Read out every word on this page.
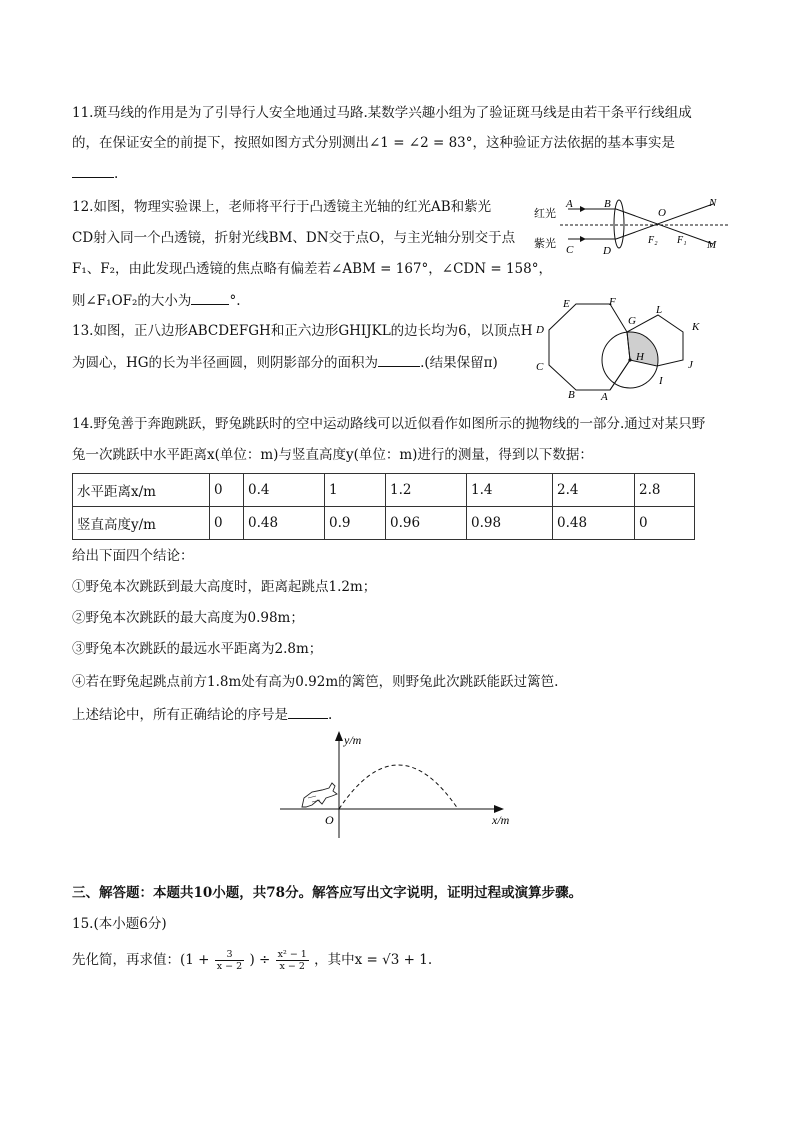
11.斑马线的作用是为了引导行人安全地通过马路.某数学兴趣小组为了验证斑马线是由若干条平行线组成
的，在保证安全的前提下，按照如图方式分别测出∠1 = ∠2 = 83°，这种验证方法依据的基本事实是
.
12.如图，物理实验课上，老师将平行于凸透镜主光轴的红光AB和紫光
CD射入同一个凸透镜，折射光线BM、DN交于点O，与主光轴分别交于点
F₁、F₂，由此发现凸透镜的焦点略有偏差若∠ABM = 167°，∠CDN = 158°，
则∠F₁OF₂的大小为	°.
红光
紫光
A	B
C	D
O
N
M
F₂ F₁
13.如图，正八边形ABCDEFGH和正六边形GHIJKL的边长均为6，以顶点H
为圆心，HG的长为半径画圆，则阴影部分的面积为	.(结果保留π)
A
B
C
D
E	F
G
H
I
J
K
L
14.野兔善于奔跑跳跃，野兔跳跃时的空中运动路线可以近似看作如图所示的抛物线的一部分.通过对某只野
兔一次跳跃中水平距离x(单位：m)与竖直高度y(单位：m)进行的测量，得到以下数据：
水平距离x/m	0	0.4	1	1.2	1.4	2.4	2.8
竖直高度y/m	0	0.48	0.9	0.96	0.98	0.48	0
给出下面四个结论：
①野兔本次跳跃到最大高度时，距离起跳点1.2m；
②野兔本次跳跃的最大高度为0.98m；
③野兔本次跳跃的最远水平距离为2.8m；
④若在野兔起跳点前方1.8m处有高为0.92m的篱笆，则野兔此次跳跃能跃过篱笆.
上述结论中，所有正确结论的序号是	.
y/m
x/m
O
三、解答题：本题共10小题，共78分。解答应写出文字说明，证明过程或演算步骤。
15.(本小题6分)
先化简，再求值：($1 + \frac{3}{x - 2}$ ) ÷ $\frac{\text{x² − 1}}{x - 2}$ ，其中x = √3 + 1.
